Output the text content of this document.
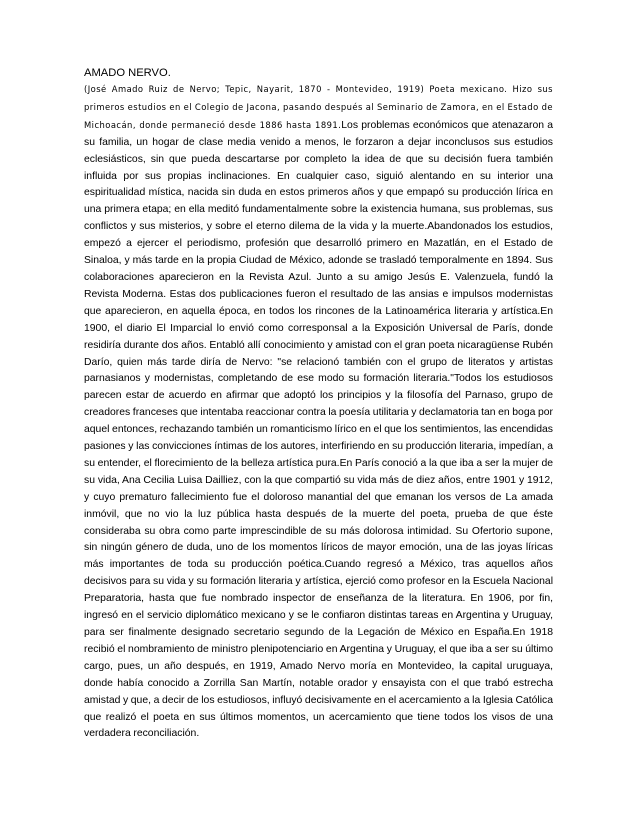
AMADO NERVO.

(José Amado Ruiz de Nervo; Tepic, Nayarit, 1870 - Montevideo, 1919) Poeta mexicano. Hizo sus primeros estudios en el Colegio de Jacona, pasando después al Seminario de Zamora, en el Estado de Michoacán, donde permaneció desde 1886 hasta 1891.Los problemas económicos que atenazaron a su familia, un hogar de clase media venido a menos, le forzaron a dejar inconclusos sus estudios eclesiásticos, sin que pueda descartarse por completo la idea de que su decisión fuera también influida por sus propias inclinaciones. En cualquier caso, siguió alentando en su interior una espiritualidad mística, nacida sin duda en estos primeros años y que empapó su producción lírica en una primera etapa; en ella meditó fundamentalmente sobre la existencia humana, sus problemas, sus conflictos y sus misterios, y sobre el eterno dilema de la vida y la muerte.Abandonados los estudios, empezó a ejercer el periodismo, profesión que desarrolló primero en Mazatlán, en el Estado de Sinaloa, y más tarde en la propia Ciudad de México, adonde se trasladó temporalmente en 1894. Sus colaboraciones aparecieron en la Revista Azul. Junto a su amigo Jesús E. Valenzuela, fundó la Revista Moderna. Estas dos publicaciones fueron el resultado de las ansias e impulsos modernistas que aparecieron, en aquella época, en todos los rincones de la Latinoamérica literaria y artística.En 1900, el diario El Imparcial lo envió como corresponsal a la Exposición Universal de París, donde residiría durante dos años. Entabló allí conocimiento y amistad con el gran poeta nicaragüense Rubén Darío, quien más tarde diría de Nervo: "se relacionó también con el grupo de literatos y artistas parnasianos y modernistas, completando de ese modo su formación literaria."Todos los estudiosos parecen estar de acuerdo en afirmar que adoptó los principios y la filosofía del Parnaso, grupo de creadores franceses que intentaba reaccionar contra la poesía utilitaria y declamatoria tan en boga por aquel entonces, rechazando también un romanticismo lírico en el que los sentimientos, las encendidas pasiones y las convicciones íntimas de los autores, interfiriendo en su producción literaria, impedían, a su entender, el florecimiento de la belleza artística pura.En París conoció a la que iba a ser la mujer de su vida, Ana Cecilia Luisa Dailliez, con la que compartió su vida más de diez años, entre 1901 y 1912, y cuyo prematuro fallecimiento fue el doloroso manantial del que emanan los versos de La amada inmóvil, que no vio la luz pública hasta después de la muerte del poeta, prueba de que éste consideraba su obra como parte imprescindible de su más dolorosa intimidad. Su Ofertorio supone, sin ningún género de duda, uno de los momentos líricos de mayor emoción, una de las joyas líricas más importantes de toda su producción poética.Cuando regresó a México, tras aquellos años decisivos para su vida y su formación literaria y artística, ejerció como profesor en la Escuela Nacional Preparatoria, hasta que fue nombrado inspector de enseñanza de la literatura. En 1906, por fin, ingresó en el servicio diplomático mexicano y se le confiaron distintas tareas en Argentina y Uruguay, para ser finalmente designado secretario segundo de la Legación de México en España.En 1918 recibió el nombramiento de ministro plenipotenciario en Argentina y Uruguay, el que iba a ser su último cargo, pues, un año después, en 1919, Amado Nervo moría en Montevideo, la capital uruguaya, donde había conocido a Zorrilla San Martín, notable orador y ensayista con el que trabó estrecha amistad y que, a decir de los estudiosos, influyó decisivamente en el acercamiento a la Iglesia Católica que realizó el poeta en sus últimos momentos, un acercamiento que tiene todos los visos de una verdadera reconciliación.
